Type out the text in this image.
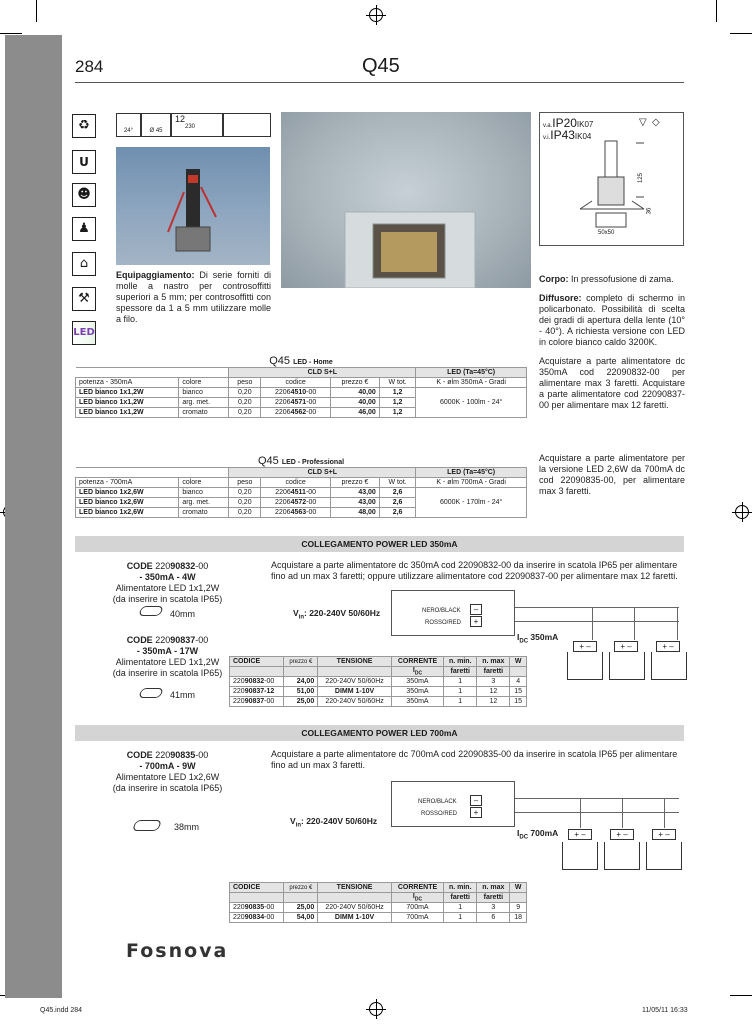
284	Q45
♻
U
☻
♟
⌂
⚒
LED
24°	Ø 45
12
230	v.a.IP20IK07
v.i.IP43IK04
▽ ◇
125
36
50x50
Equipaggiamento: Di serie forniti di molle a nastro per controsoffitti superiori a 5 mm; per controsoffitti con spessore da 1 a 5 mm utilizzare molle a filo.
Corpo: In pressofusione di zama.
Diffusore: completo di schermo in policarbonato. Possibilità di scelta dei gradi di apertura della lente (10° - 40°). A richiesta versione con LED in colore bianco caldo 3200K.
Acquistare a parte alimentatore dc 350mA cod 22090832-00 per alimentare max 3 faretti. Acquistare a parte alimentatore cod 22090837-00 per alimentare max 12 faretti.
Acquistare a parte alimentatore per la versione LED 2,6W da 700mA dc cod 22090835-00, per alimentare max 3 faretti.
Q45 LED - Home						
		CLD S+L				LED (Ta=45°C)
potenza - 350mA	colore	peso	codice	prezzo €	W tot.	K - ølm 350mA - Gradi
LED bianco 1x1,2W	bianco	0,20	22064510-00	40,00	1,2	6000K - 100lm - 24°
LED bianco 1x1,2W	arg. met.	0,20	22064571-00	40,00	1,2	
LED bianco 1x1,2W	cromato	0,20	22064562-00	46,00	1,2	
Q45 LED - Professional						
		CLD S+L				LED (Ta=45°C)
potenza - 700mA	colore	peso	codice	prezzo €	W tot.	K - ølm 700mA - Gradi
LED bianco 1x2,6W	bianco	0,20	22064511-00	43,00	2,6	6000K - 170lm - 24°
LED bianco 1x2,6W	arg. met.	0,20	22064572-00	43,00	2,6	
LED bianco 1x2,6W	cromato	0,20	22064563-00	48,00	2,6	
COLLEGAMENTO POWER LED 350mA
CODE 22090832-00
- 350mA - 4W
Alimentatore LED 1x1,2W
(da inserire in scatola IP65)
40mm
CODE 22090837-00
- 350mA - 17W
Alimentatore LED 1x1,2W
(da inserire in scatola IP65)
41mm
Acquistare a parte alimentatore dc 350mA cod 22090832-00 da inserire in scatola IP65 per alimentare fino ad un max 3 faretti; oppure utilizzare alimentatore cod 22090837-00 per alimentare max 12 faretti.
NERO/BLACK
ROSSO/RED
–
+
$V_{in}$: 220-240V 50/60Hz
$I_{DC}$ 350mA
+ –	+ –	+ –
CODICE	prezzo €	TENSIONE	CORRENTE	n. min.	n. max	W
			$I_{DC}$	faretti	faretti	
22090832-00	24,00	220-240V 50/60Hz	350mA	1	3	4
22090837-12	51,00	DIMM 1-10V	350mA	1	12	15
22090837-00	25,00	220-240V 50/60Hz	350mA	1	12	15
COLLEGAMENTO POWER LED 700mA
CODE 22090835-00
- 700mA - 9W
Alimentatore LED 1x2,6W
(da inserire in scatola IP65)
38mm
Acquistare a parte alimentatore dc 700mA cod 22090835-00 da inserire in scatola IP65 per alimentare fino ad un max 3 faretti.
NERO/BLACK
ROSSO/RED
–
+
$V_{in}$: 220-240V 50/60Hz
$I_{DC}$ 700mA	+ –	+ –	+ –
CODICE	prezzo €	TENSIONE	CORRENTE	n. min.	n. max	W
			$I_{DC}$	faretti	faretti	
22090835-00	25,00	220-240V 50/60Hz	700mA	1	3	9
22090834-00	54,00	DIMM 1-10V	700mA	1	6	18
Fosnova
Q45.indd 284	11/05/11 16:33
